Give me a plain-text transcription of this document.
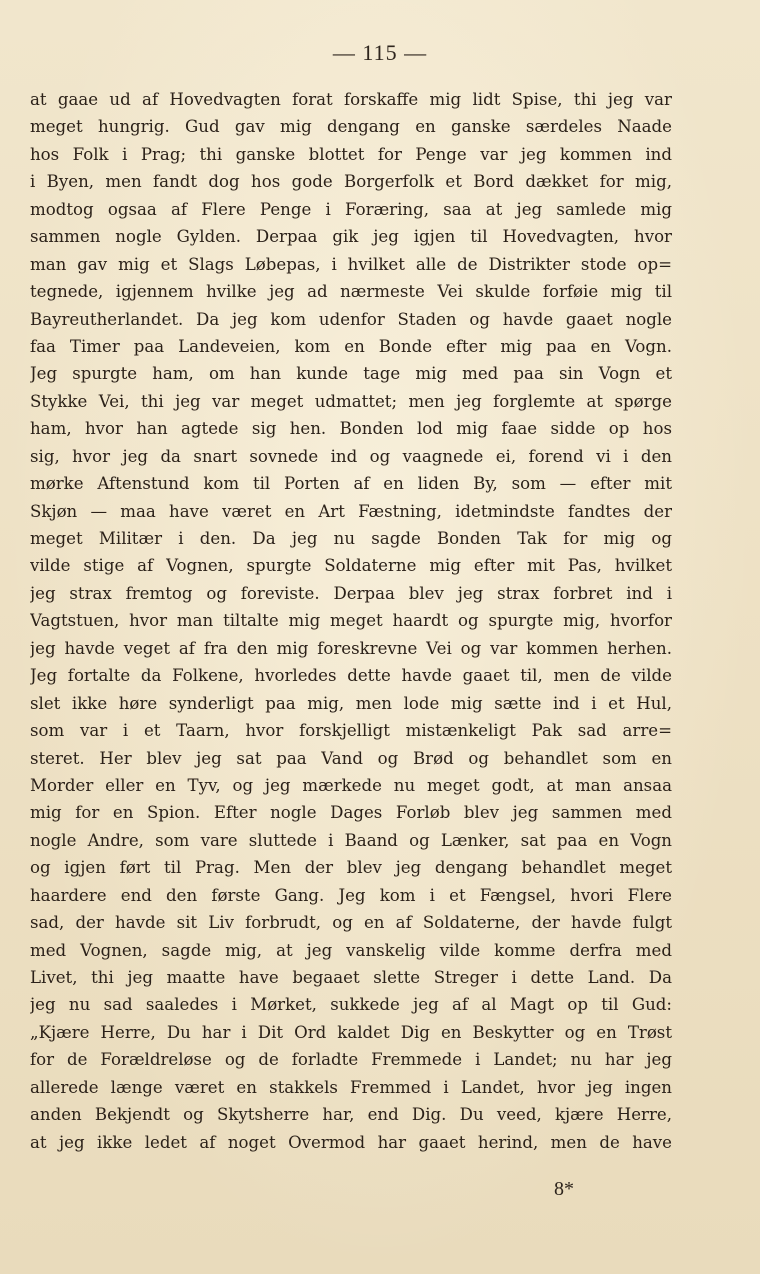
— 115 —
at gaae ud af Hovedvagten forat forskaffe mig lidt Spise, thi jeg var
meget hungrig. Gud gav mig dengang en ganske særdeles Naade
hos Folk i Prag; thi ganske blottet for Penge var jeg kommen ind
i Byen, men fandt dog hos gode Borgerfolk et Bord dækket for mig,
modtog ogsaa af Flere Penge i Foræring, saa at jeg samlede mig
sammen nogle Gylden. Derpaa gik jeg igjen til Hovedvagten, hvor
man gav mig et Slags Løbepas, i hvilket alle de Distrikter stode op=
tegnede, igjennem hvilke jeg ad nærmeste Vei skulde forføie mig til
Bayreutherlandet. Da jeg kom udenfor Staden og havde gaaet nogle
faa Timer paa Landeveien, kom en Bonde efter mig paa en Vogn.
Jeg spurgte ham, om han kunde tage mig med paa sin Vogn et
Stykke Vei, thi jeg var meget udmattet; men jeg forglemte at spørge
ham, hvor han agtede sig hen. Bonden lod mig faae sidde op hos
sig, hvor jeg da snart sovnede ind og vaagnede ei, forend vi i den
mørke Aftenstund kom til Porten af en liden By, som — efter mit
Skjøn — maa have været en Art Fæstning, idetmindste fandtes der
meget Militær i den. Da jeg nu sagde Bonden Tak for mig og
vilde stige af Vognen, spurgte Soldaterne mig efter mit Pas, hvilket
jeg strax fremtog og foreviste. Derpaa blev jeg strax forbret ind i
Vagtstuen, hvor man tiltalte mig meget haardt og spurgte mig, hvorfor
jeg havde veget af fra den mig foreskrevne Vei og var kommen herhen.
Jeg fortalte da Folkene, hvorledes dette havde gaaet til, men de vilde
slet ikke høre synderligt paa mig, men lode mig sætte ind i et Hul,
som var i et Taarn, hvor forskjelligt mistænkeligt Pak sad arre=
steret. Her blev jeg sat paa Vand og Brød og behandlet som en
Morder eller en Tyv, og jeg mærkede nu meget godt, at man ansaa
mig for en Spion. Efter nogle Dages Forløb blev jeg sammen med
nogle Andre, som vare sluttede i Baand og Lænker, sat paa en Vogn
og igjen ført til Prag. Men der blev jeg dengang behandlet meget
haardere end den første Gang. Jeg kom i et Fængsel, hvori Flere
sad, der havde sit Liv forbrudt, og en af Soldaterne, der havde fulgt
med Vognen, sagde mig, at jeg vanskelig vilde komme derfra med
Livet, thi jeg maatte have begaaet slette Streger i dette Land. Da
jeg nu sad saaledes i Mørket, sukkede jeg af al Magt op til Gud:
„Kjære Herre, Du har i Dit Ord kaldet Dig en Beskytter og en Trøst
for de Forældreløse og de forladte Fremmede i Landet; nu har jeg
allerede længe været en stakkels Fremmed i Landet, hvor jeg ingen
anden Bekjendt og Skytsherre har, end Dig. Du veed, kjære Herre,
at jeg ikke ledet af noget Overmod har gaaet herind, men de have
8*
